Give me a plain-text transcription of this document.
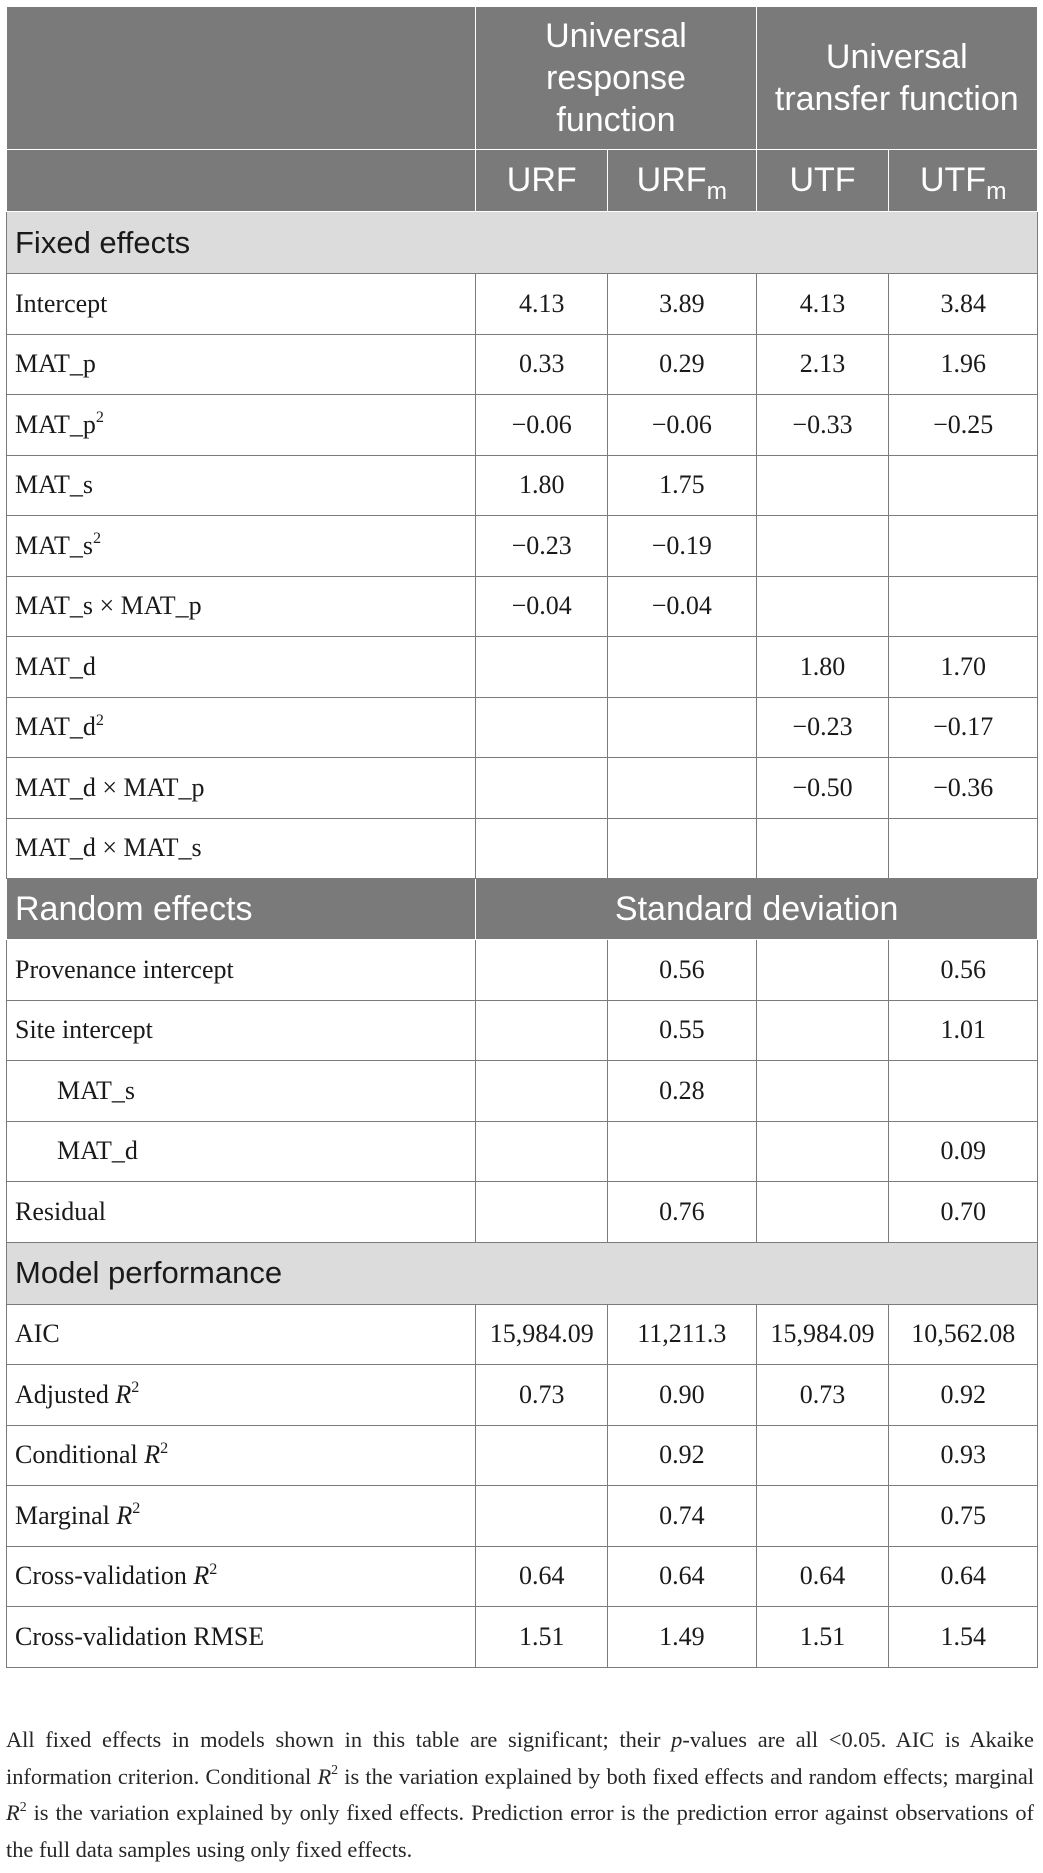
	Universal response function		Universal transfer function	
	URF	$URF_m$	UTF	$UTF_m$
Fixed effects				
Intercept	4.13	3.89	4.13	3.84
MAT_p	0.33	0.29	2.13	1.96
$MAT\_p^2$	−0.06	−0.06	−0.33	−0.25
MAT_s	1.80	1.75		
$MAT\_s^2$	−0.23	−0.19		
MAT_s × MAT_p	−0.04	−0.04		
MAT_d			1.80	1.70
$MAT\_d^2$			−0.23	−0.17
MAT_d × MAT_p			−0.50	−0.36
MAT_d × MAT_s				
Random effects	Standard deviation			
Provenance intercept		0.56		0.56
Site intercept		0.55		1.01
MAT_s		0.28		
MAT_d				0.09
Residual		0.76		0.70
Model performance				
AIC	15,984.09	11,211.3	15,984.09	10,562.08
Adjusted $R^2$	0.73	0.90	0.73	0.92
Conditional $R^2$		0.92		0.93
Marginal $R^2$		0.74		0.75
Cross-validation $R^2$	0.64	0.64	0.64	0.64
Cross-validation RMSE	1.51	1.49	1.51	1.54
All fixed effects in models shown in this table are significant; their p-values are all <0.05. AIC is Akaike information criterion. Conditional $R^2$ is the variation explained by both fixed effects and random effects; marginal $R^2$ is the variation explained by only fixed effects. Prediction error is the prediction error against observations of the full data samples using only fixed effects.
